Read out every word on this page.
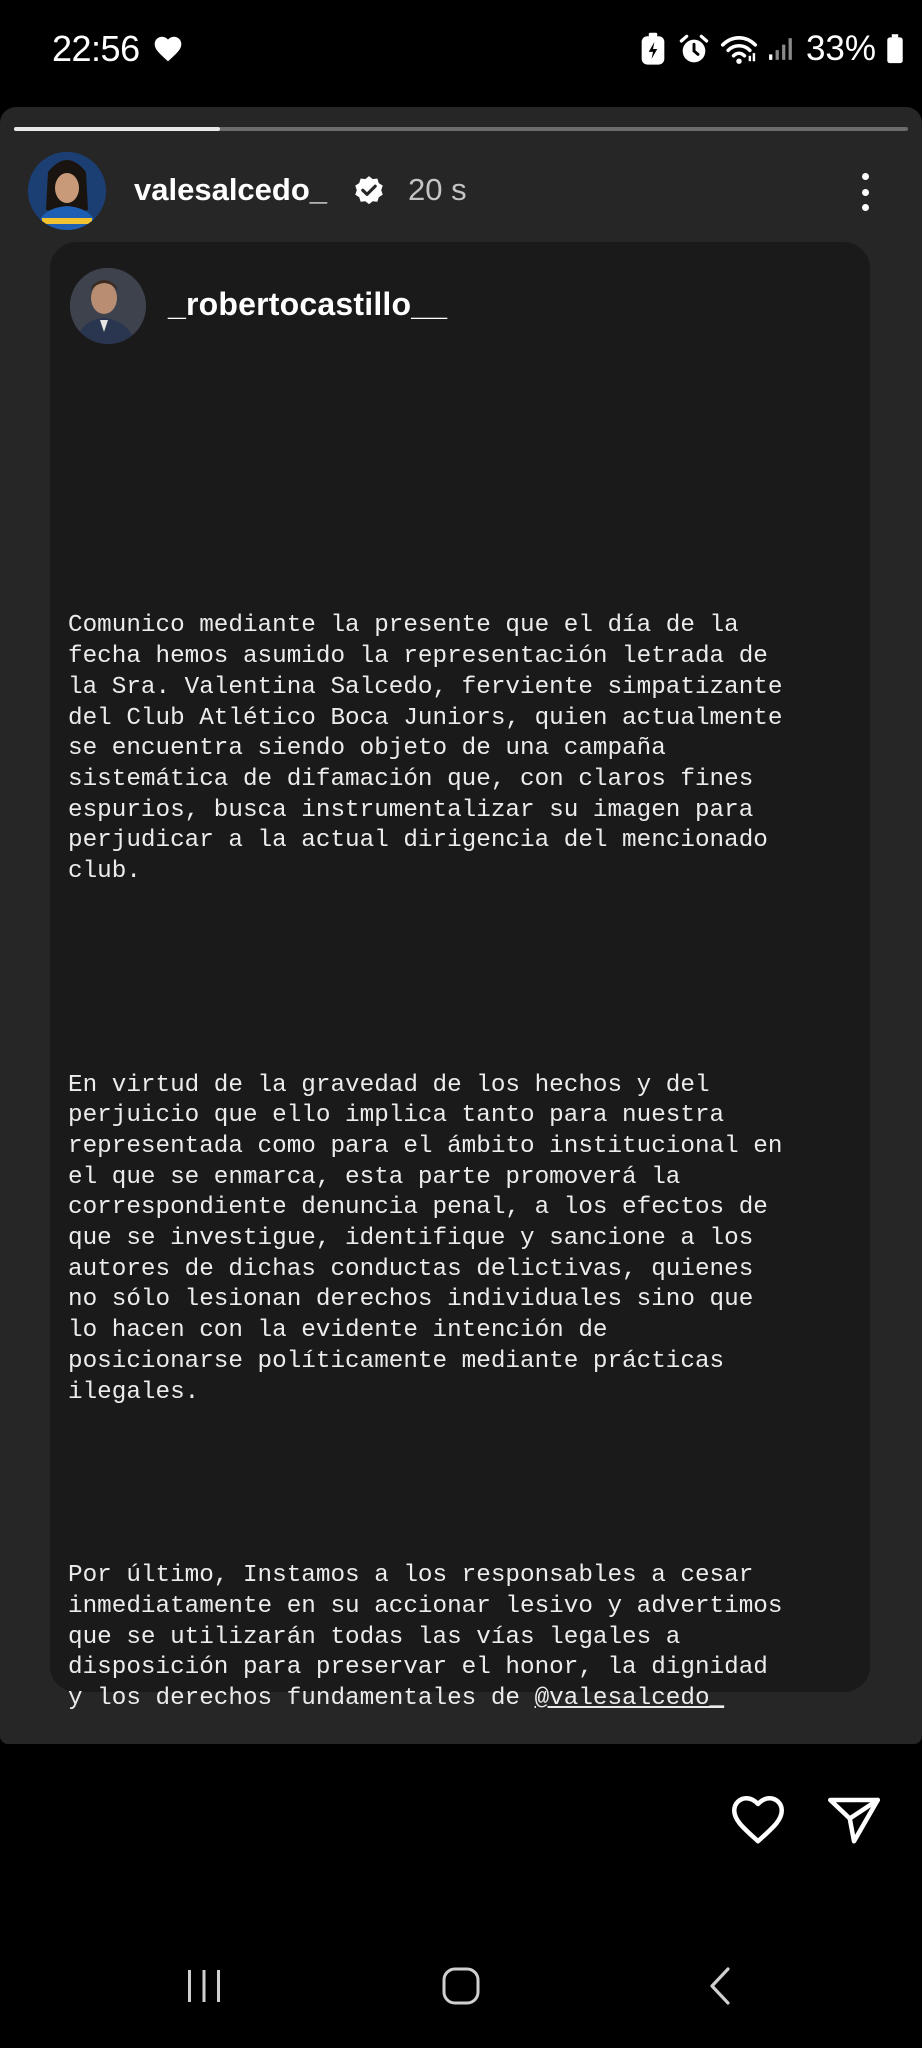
22:56	33%
valesalcedo_	20 s
_robertocastillo__

Comunico mediante la presente que el día de la
fecha hemos asumido la representación letrada de
la Sra. Valentina Salcedo, ferviente simpatizante
del Club Atlético Boca Juniors, quien actualmente
se encuentra siendo objeto de una campaña
sistemática de difamación que, con claros fines
espurios, busca instrumentalizar su imagen para
perjudicar a la actual dirigencia del mencionado
club.

En virtud de la gravedad de los hechos y del
perjuicio que ello implica tanto para nuestra
representada como para el ámbito institucional en
el que se enmarca, esta parte promoverá la
correspondiente denuncia penal, a los efectos de
que se investigue, identifique y sancione a los
autores de dichas conductas delictivas, quienes
no sólo lesionan derechos individuales sino que
lo hacen con la evidente intención de
posicionarse políticamente mediante prácticas
ilegales.

Por último, Instamos a los responsables a cesar
inmediatamente en su accionar lesivo y advertimos
que se utilizarán todas las vías legales a
disposición para preservar el honor, la dignidad
y los derechos fundamentales de @valesalcedo_
